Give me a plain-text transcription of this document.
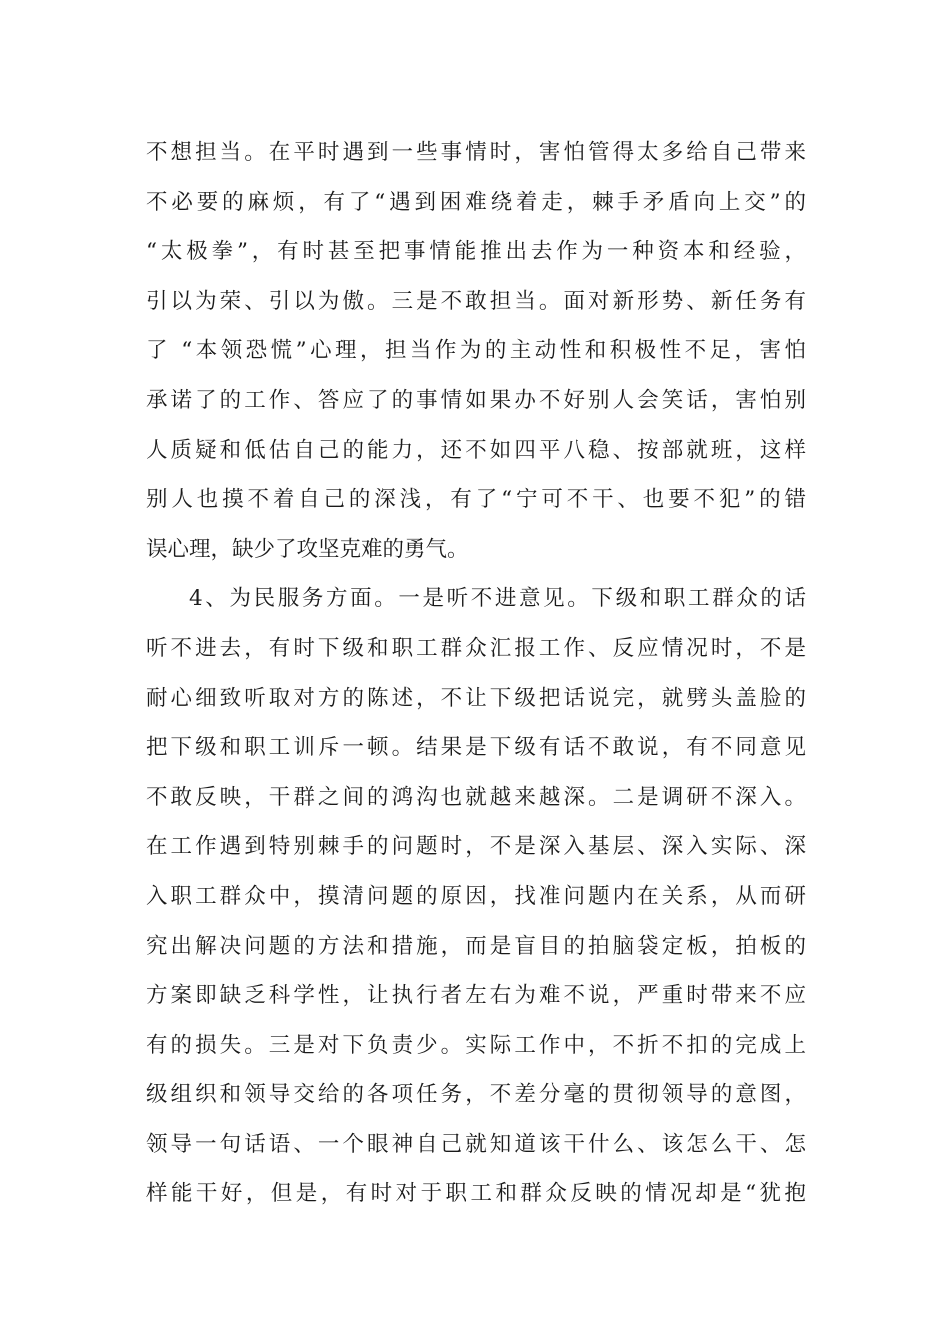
不想担当。在平时遇到一些事情时，害怕管得太多给自己带来
不必要的麻烦，有了“遇到困难绕着走，棘手矛盾向上交”的
“太极拳”，有时甚至把事情能推出去作为一种资本和经验，
引以为荣、引以为傲。三是不敢担当。面对新形势、新任务有
了 “本领恐慌”心理，担当作为的主动性和积极性不足，害怕
承诺了的工作、答应了的事情如果办不好别人会笑话，害怕别
人质疑和低估自己的能力，还不如四平八稳、按部就班，这样
别人也摸不着自己的深浅，有了“宁可不干、也要不犯”的错
误心理，缺少了攻坚克难的勇气。
4、为民服务方面。一是听不进意见。下级和职工群众的话
听不进去，有时下级和职工群众汇报工作、反应情况时，不是
耐心细致听取对方的陈述，不让下级把话说完，就劈头盖脸的
把下级和职工训斥一顿。结果是下级有话不敢说，有不同意见
不敢反映，干群之间的鸿沟也就越来越深。二是调研不深入。
在工作遇到特别棘手的问题时，不是深入基层、深入实际、深
入职工群众中，摸清问题的原因，找准问题内在关系，从而研
究出解决问题的方法和措施，而是盲目的拍脑袋定板，拍板的
方案即缺乏科学性，让执行者左右为难不说，严重时带来不应
有的损失。三是对下负责少。实际工作中，不折不扣的完成上
级组织和领导交给的各项任务，不差分毫的贯彻领导的意图，
领导一句话语、一个眼神自己就知道该干什么、该怎么干、怎
样能干好，但是，有时对于职工和群众反映的情况却是“犹抱
